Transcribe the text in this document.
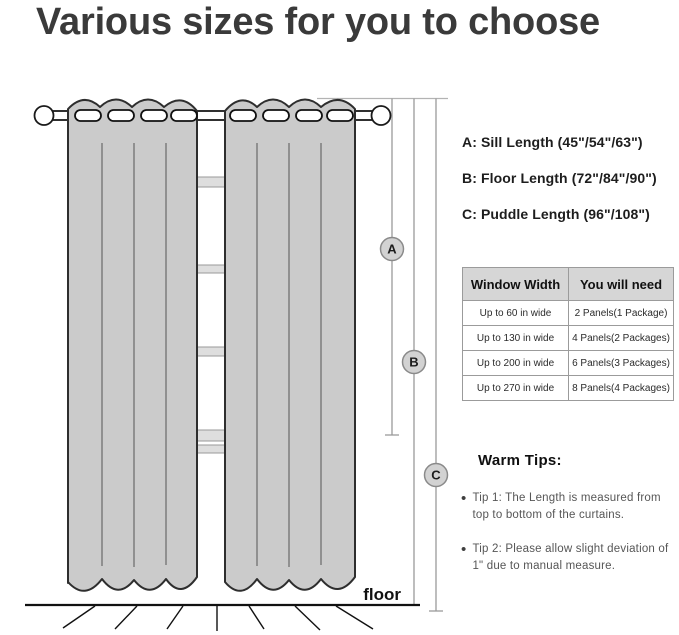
Various sizes for you to choose
A
B
C
floor
A: Sill Length (45"/54"/63")
B: Floor Length (72"/84"/90")
C: Puddle Length (96"/108")
Window Width	You will need
Up to 60 in wide	2 Panels(1 Package)
Up to 130 in wide	4 Panels(2 Packages)
Up to 200 in wide	6 Panels(3 Packages)
Up to 270 in wide	8 Panels(4 Packages)
Warm Tips:
• Tip 1: The Length is measured from
top to bottom of the curtains.
• Tip 2: Please allow slight deviation of
1" due to manual measure.
